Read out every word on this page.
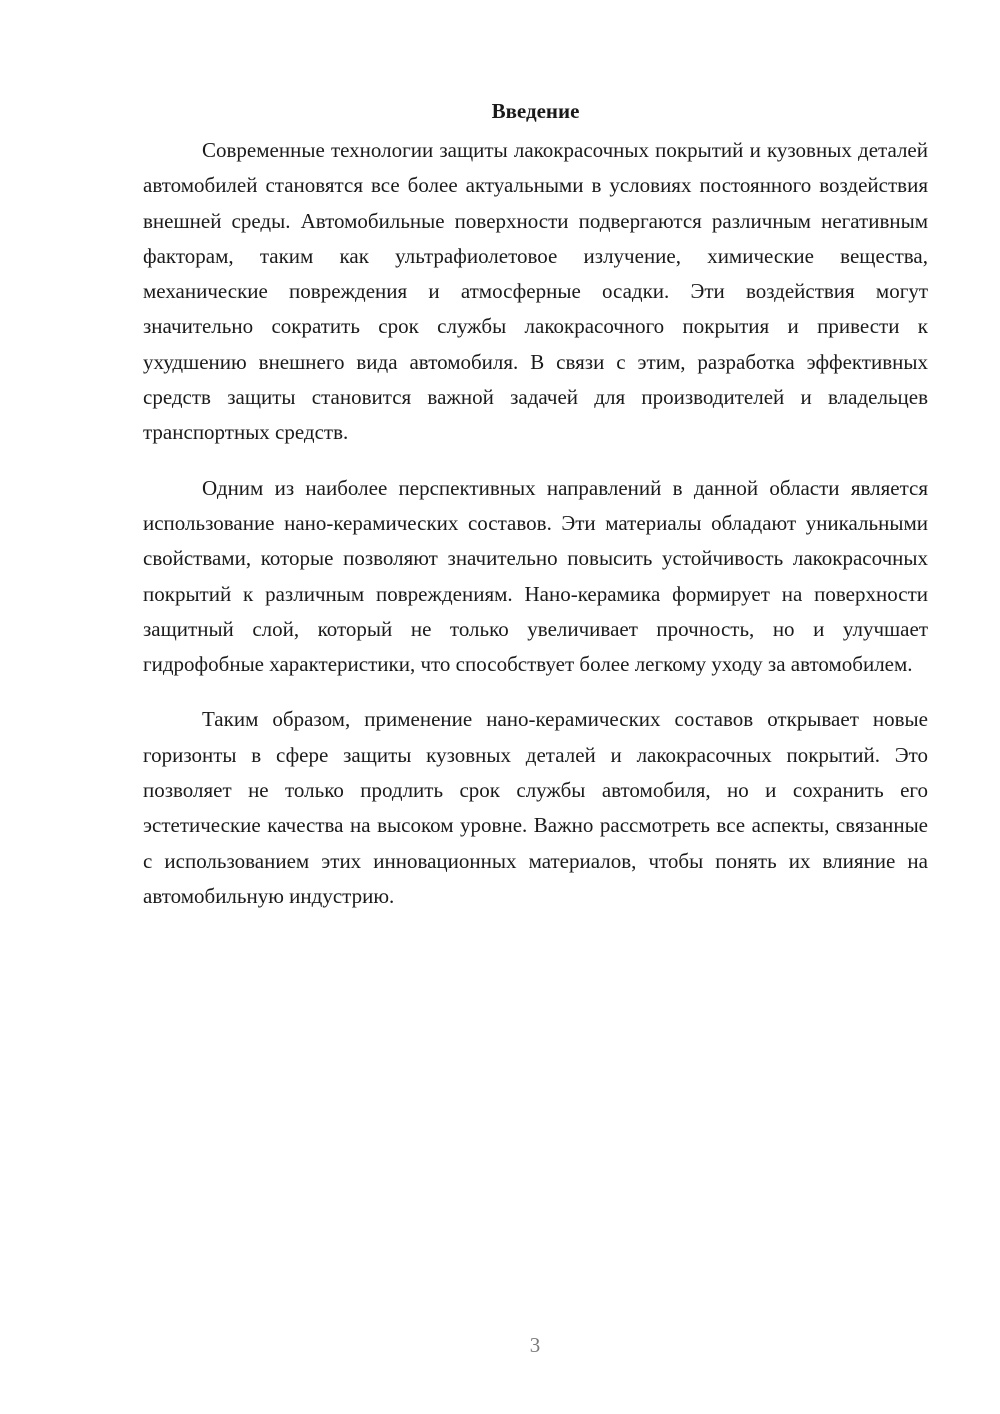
Введение

Современные технологии защиты лакокрасочных покрытий и кузовных деталей автомобилей становятся все более актуальными в условиях постоянного воздействия внешней среды. Автомобильные поверхности подвергаются различным негативным факторам, таким как ультрафиолетовое излучение, химические вещества, механические повреждения и атмосферные осадки. Эти воздействия могут значительно сократить срок службы лакокрасочного покрытия и привести к ухудшению внешнего вида автомобиля. В связи с этим, разработка эффективных средств защиты становится важной задачей для производителей и владельцев транспортных средств.

Одним из наиболее перспективных направлений в данной области является использование нано-керамических составов. Эти материалы обладают уникальными свойствами, которые позволяют значительно повысить устойчивость лакокрасочных покрытий к различным повреждениям. Нано-керамика формирует на поверхности защитный слой, который не только увеличивает прочность, но и улучшает гидрофобные характеристики, что способствует более легкому уходу за автомобилем.

Таким образом, применение нано-керамических составов открывает новые горизонты в сфере защиты кузовных деталей и лакокрасочных покрытий. Это позволяет не только продлить срок службы автомобиля, но и сохранить его эстетические качества на высоком уровне. Важно рассмотреть все аспекты, связанные с использованием этих инновационных материалов, чтобы понять их влияние на автомобильную индустрию.

3
